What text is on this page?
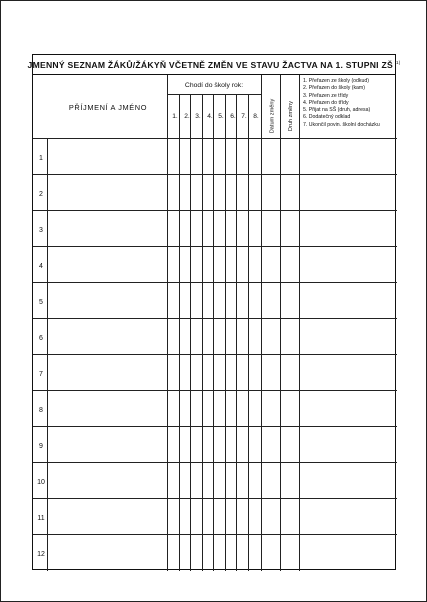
JMENNÝ SEZNAM ŽÁKŮ/ŽÁKYŇ VČETNĚ ZMĚN VE STAVU ŽACTVA NA 1. STUPNI ZŠ $^{1)}$
PŘÍJMENÍ A JMÉNO
Chodí do školy rok:
1. 2. 3. 4. 5. 6. 7. 8.	Datum změny Druh změny
1. Přeřazen ze školy (odkud)
2. Přeřazen do školy (kam)
3. Přeřazen ze třídy
4. Přeřazen do třídy
5. Přijat na SŠ (druh, adresa)
6. Dodatečný odklad
7. Ukončil povin. školní docházku
1
2
3
4
5
6
7
8
9
10
11
12
